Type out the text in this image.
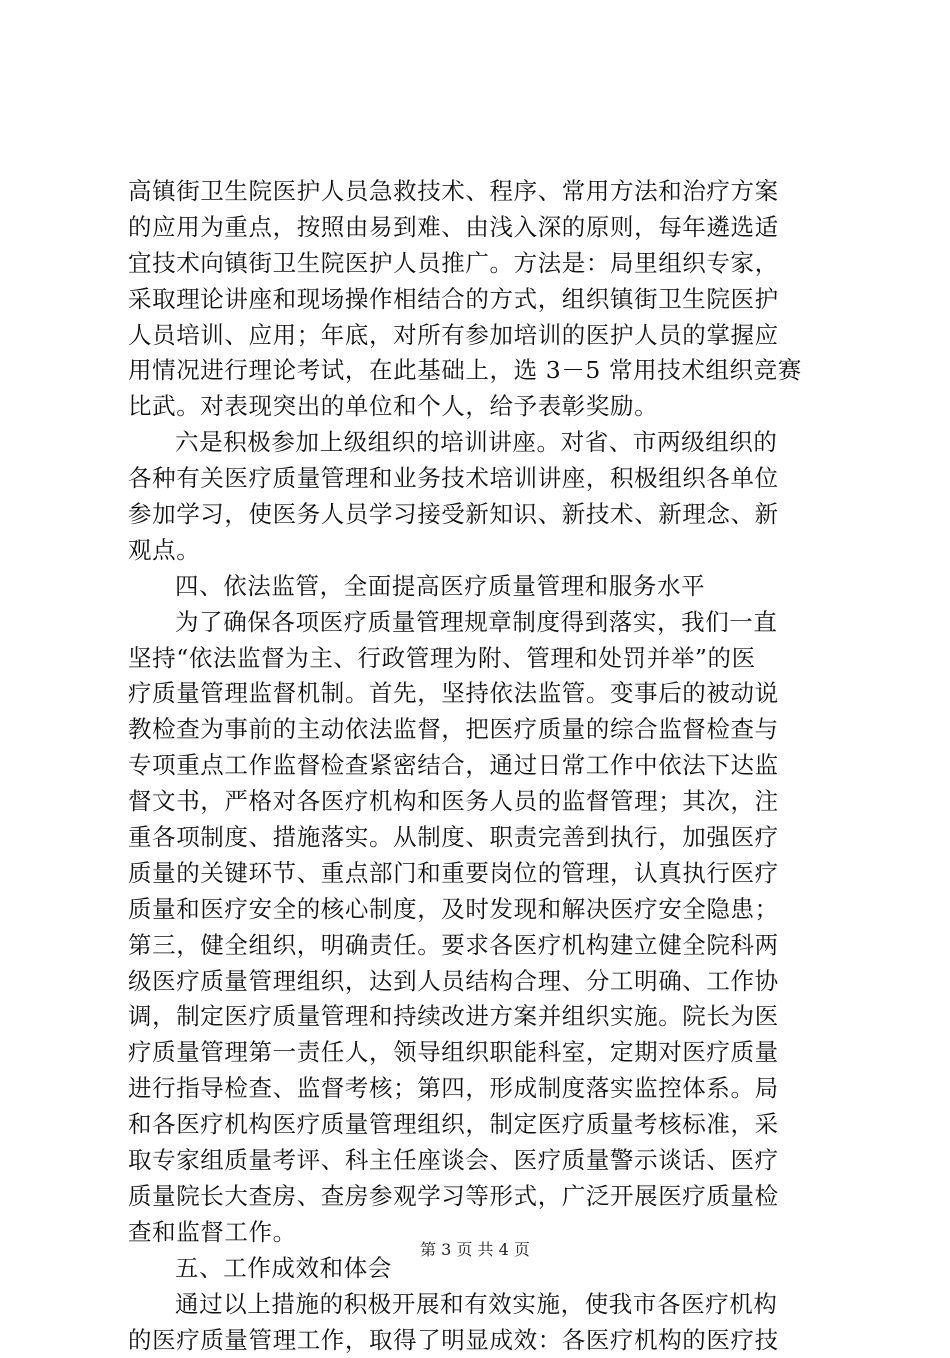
高镇街卫生院医护人员急救技术、程序、常用方法和治疗方案
的应用为重点，按照由易到难、由浅入深的原则，每年遴选适
宜技术向镇街卫生院医护人员推广。方法是：局里组织专家，
采取理论讲座和现场操作相结合的方式，组织镇街卫生院医护
人员培训、应用；年底，对所有参加培训的医护人员的掌握应
用情况进行理论考试，在此基础上，选 3－5 常用技术组织竞赛
比武。对表现突出的单位和个人，给予表彰奖励。
六是积极参加上级组织的培训讲座。对省、市两级组织的
各种有关医疗质量管理和业务技术培训讲座，积极组织各单位
参加学习，使医务人员学习接受新知识、新技术、新理念、新
观点。
四、依法监管，全面提高医疗质量管理和服务水平
为了确保各项医疗质量管理规章制度得到落实，我们一直
坚持“依法监督为主、行政管理为附、管理和处罚并举”的医
疗质量管理监督机制。首先，坚持依法监管。变事后的被动说
教检查为事前的主动依法监督，把医疗质量的综合监督检查与
专项重点工作监督检查紧密结合，通过日常工作中依法下达监
督文书，严格对各医疗机构和医务人员的监督管理；其次，注
重各项制度、措施落实。从制度、职责完善到执行，加强医疗
质量的关键环节、重点部门和重要岗位的管理，认真执行医疗
质量和医疗安全的核心制度，及时发现和解决医疗安全隐患；
第三，健全组织，明确责任。要求各医疗机构建立健全院科两
级医疗质量管理组织，达到人员结构合理、分工明确、工作协
调，制定医疗质量管理和持续改进方案并组织实施。院长为医
疗质量管理第一责任人，领导组织职能科室，定期对医疗质量
进行指导检查、监督考核；第四，形成制度落实监控体系。局
和各医疗机构医疗质量管理组织，制定医疗质量考核标准，采
取专家组质量考评、科主任座谈会、医疗质量警示谈话、医疗
质量院长大查房、查房参观学习等形式，广泛开展医疗质量检
查和监督工作。
五、工作成效和体会
通过以上措施的积极开展和有效实施，使我市各医疗机构
的医疗质量管理工作，取得了明显成效：各医疗机构的医疗技
第 3 页 共 4 页
